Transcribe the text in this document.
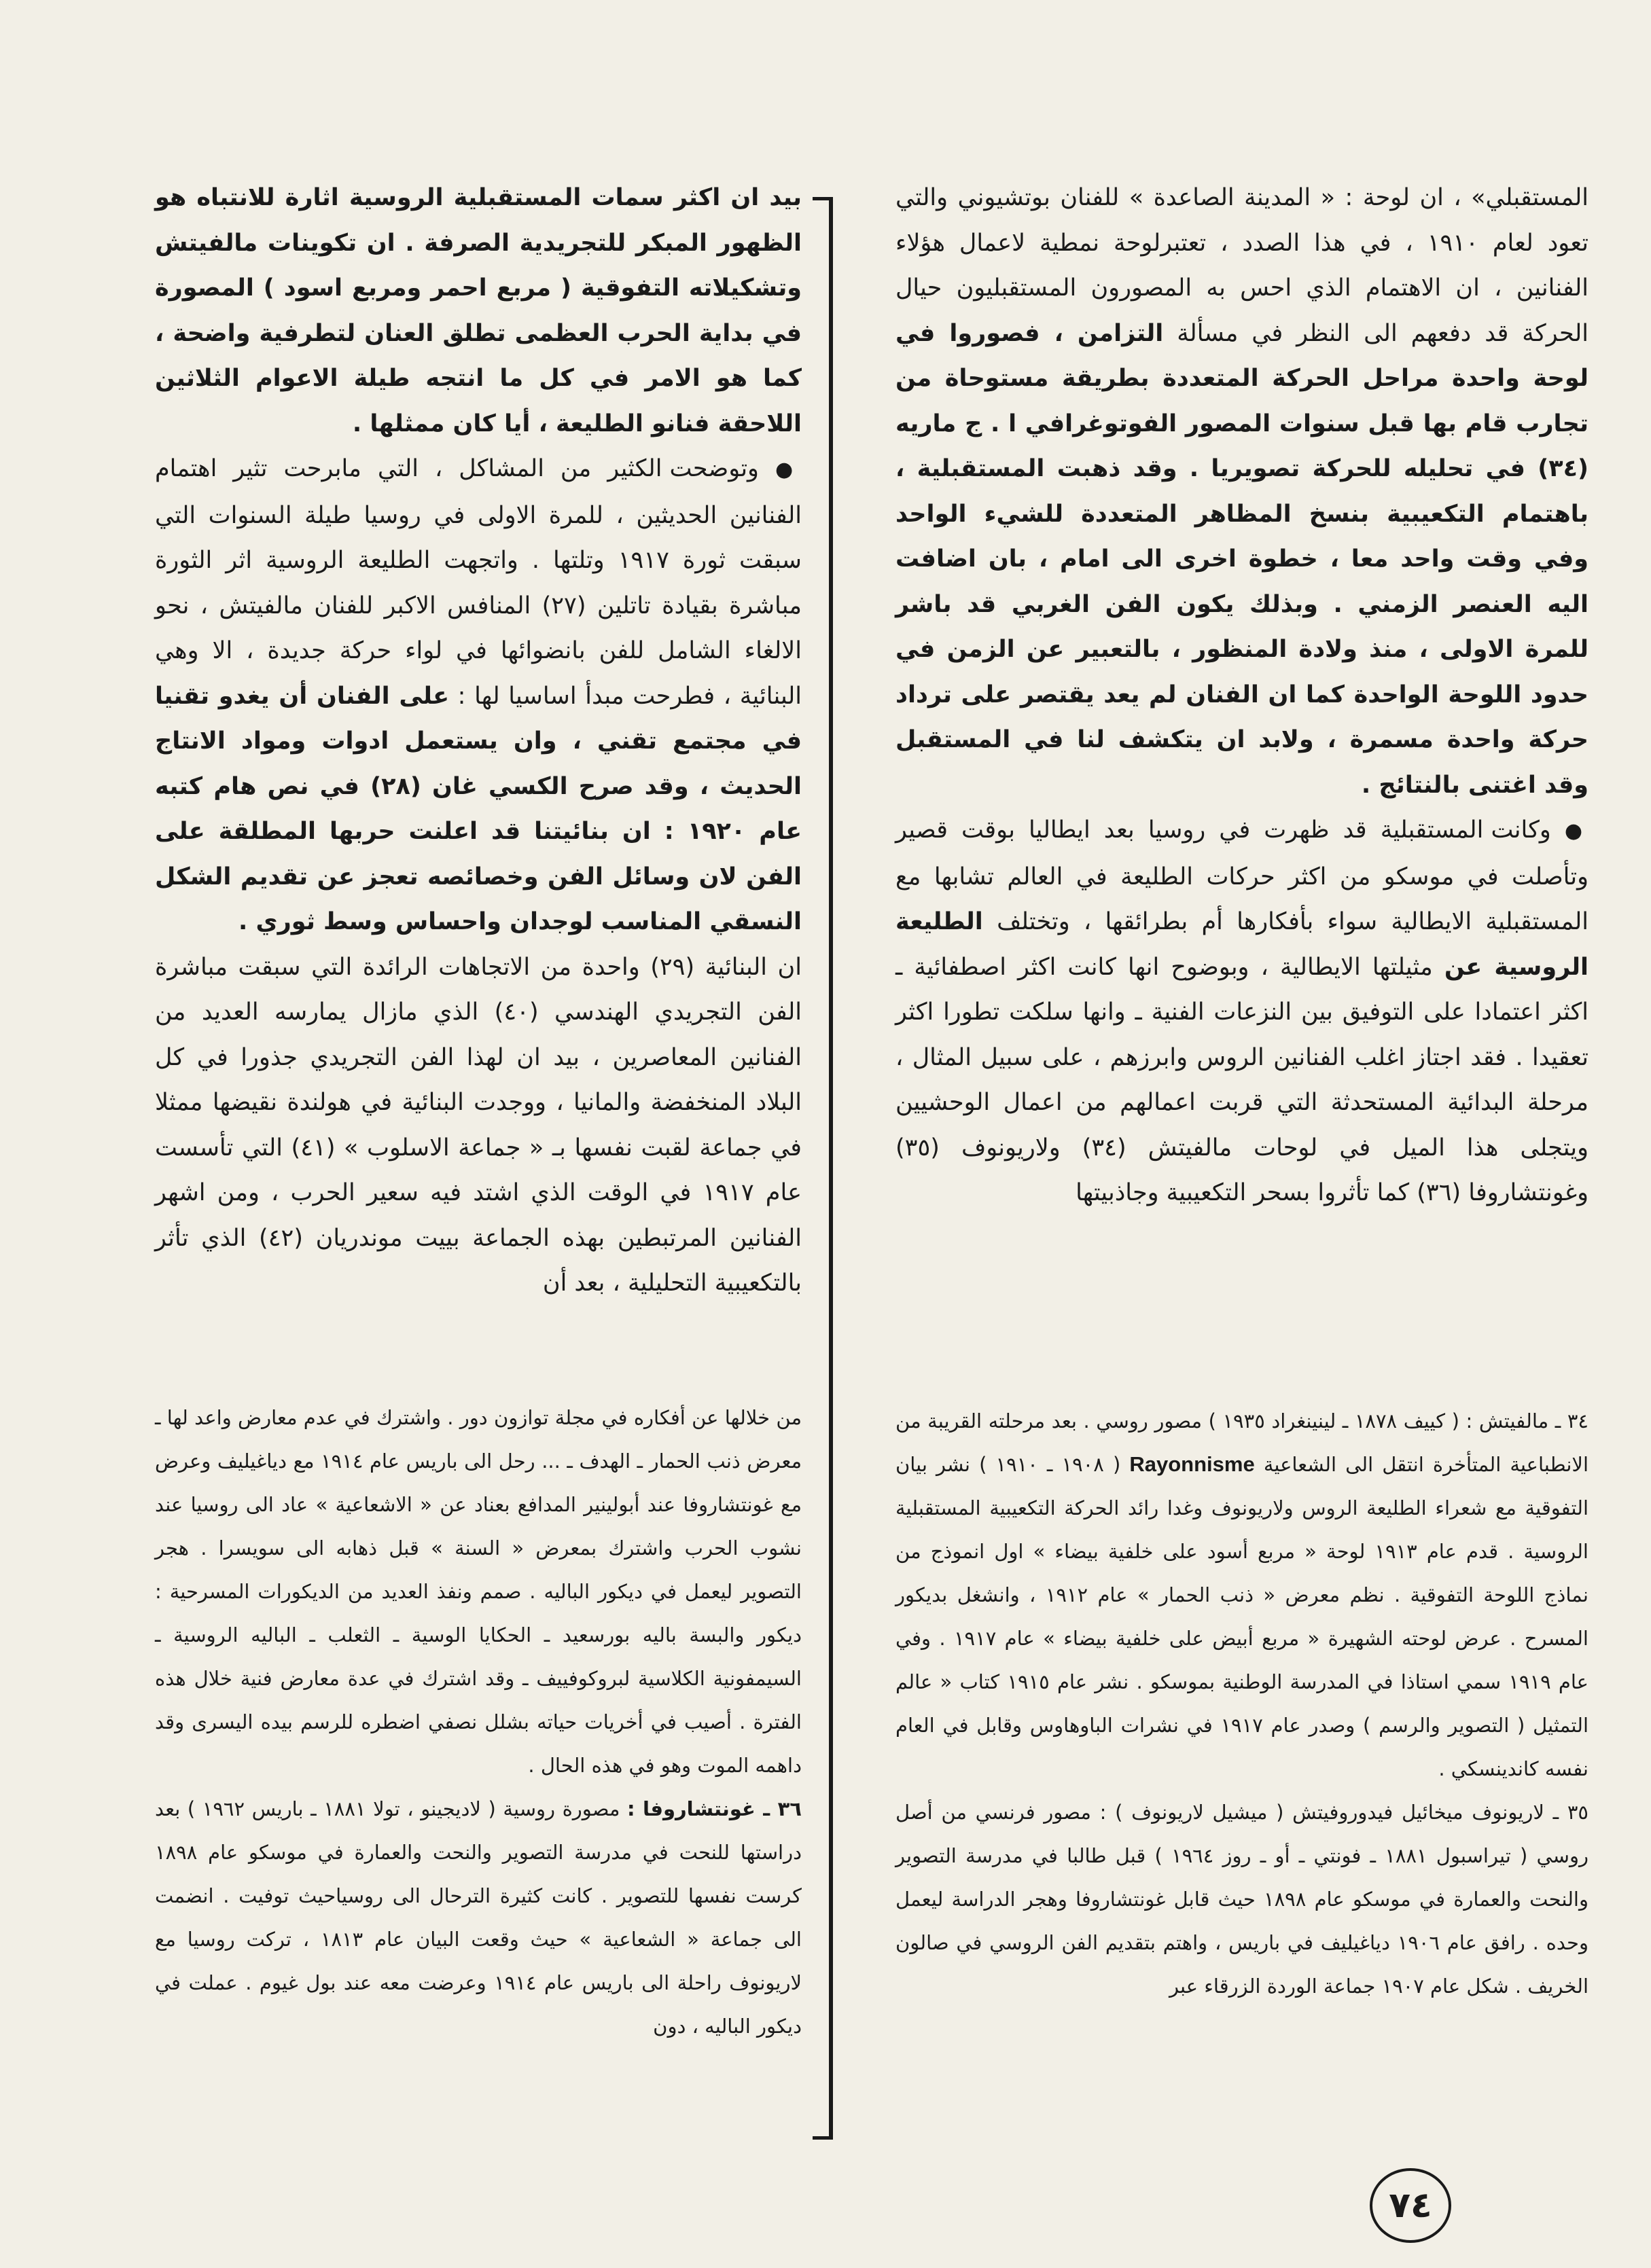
المستقبلي» ، ان لوحة : « المدينة الصاعدة » للفنان بوتشيوني والتي تعود لعام ١٩١٠ ، في هذا الصدد ، تعتبرلوحة نمطية لاعمال هؤلاء الفنانين ، ان الاهتمام الذي احس به المصورون المستقبليون حيال الحركة قد دفعهم الى النظر في مسألة التزامن ، فصوروا في لوحة واحدة مراحل الحركة المتعددة بطريقة مستوحاة من تجارب قام بها قبل سنوات المصور الفوتوغرافي ا . ج ماريه (٣٤) في تحليله للحركة تصويريا . وقد ذهبت المستقبلية ، باهتمام التكعيبية بنسخ المظاهر المتعددة للشيء الواحد وفي وقت واحد معا ، خطوة اخرى الى امام ، بان اضافت اليه العنصر الزمني . وبذلك يكون الفن الغربي قد باشر للمرة الاولى ، منذ ولادة المنظور ، بالتعبير عن الزمن في حدود اللوحة الواحدة كما ان الفنان لم يعد يقتصر على ترداد حركة واحدة مسمرة ، ولابد ان يتكشف لنا في المستقبل وقد اغتنى بالنتائج .

● وكانت المستقبلية قد ظهرت في روسيا بعد ايطاليا بوقت قصير وتأصلت في موسكو من اكثر حركات الطليعة في العالم تشابها مع المستقبلية الايطالية سواء بأفكارها أم بطرائقها ، وتختلف الطليعة الروسية عن مثيلتها الايطالية ، وبوضوح انها كانت اكثر اصطفائية ـ اكثر اعتمادا على التوفيق بين النزعات الفنية ـ وانها سلكت تطورا اكثر تعقيدا . فقد اجتاز اغلب الفنانين الروس وابرزهم ، على سبيل المثال ، مرحلة البدائية المستحدثة التي قربت اعمالهم من اعمال الوحشيين ويتجلى هذا الميل في لوحات مالفيتش (٣٤) ولاريونوف (٣٥) وغونتشاروفا (٣٦) كما تأثروا بسحر التكعيبية وجاذبيتها

بيد ان اكثر سمات المستقبلية الروسية اثارة للانتباه هو الظهور المبكر للتجريدية الصرفة . ان تكوينات مالفيتش وتشكيلاته التفوقية ( مربع احمر ومربع اسود ) المصورة في بداية الحرب العظمى تطلق العنان لتطرفية واضحة ، كما هو الامر في كل ما انتجه طيلة الاعوام الثلاثين اللاحقة فنانو الطليعة ، أيا كان ممثلها .

● وتوضحت الكثير من المشاكل ، التي مابرحت تثير اهتمام الفنانين الحديثين ، للمرة الاولى في روسيا طيلة السنوات التي سبقت ثورة ١٩١٧ وتلتها . واتجهت الطليعة الروسية اثر الثورة مباشرة بقيادة تاتلين (٢٧) المنافس الاكبر للفنان مالفيتش ، نحو الالغاء الشامل للفن بانضوائها في لواء حركة جديدة ، الا وهي البنائية ، فطرحت مبدأ اساسيا لها : على الفنان أن يغدو تقنيا في مجتمع تقني ، وان يستعمل ادوات ومواد الانتاج الحديث ، وقد صرح الكسي غان (٢٨) في نص هام كتبه عام ١٩٢٠ : ان بنائيتنا قد اعلنت حربها المطلقة على الفن لان وسائل الفن وخصائصه تعجز عن تقديم الشكل النسقي المناسب لوجدان واحساس وسط ثوري .

ان البنائية (٢٩) واحدة من الاتجاهات الرائدة التي سبقت مباشرة الفن التجريدي الهندسي (٤٠) الذي مازال يمارسه العديد من الفنانين المعاصرين ، بيد ان لهذا الفن التجريدي جذورا في كل البلاد المنخفضة والمانيا ، ووجدت البنائية في هولندة نقيضها ممثلا في جماعة لقبت نفسها بـ « جماعة الاسلوب » (٤١) التي تأسست عام ١٩١٧ في الوقت الذي اشتد فيه سعير الحرب ، ومن اشهر الفنانين المرتبطين بهذه الجماعة بييت موندريان (٤٢) الذي تأثر بالتكعيبية التحليلية ، بعد أن

٣٤ ـ مالفيتش : ( كييف ١٨٧٨ ـ لينينغراد ١٩٣٥ ) مصور روسي . بعد مرحلته القريبة من الانطباعية المتأخرة انتقل الى الشعاعية Rayonnisme ( ١٩٠٨ ـ ١٩١٠ ) نشر بيان التفوقية مع شعراء الطليعة الروس ولاريونوف وغدا رائد الحركة التكعيبية المستقبلية الروسية . قدم عام ١٩١٣ لوحة « مربع أسود على خلفية بيضاء » اول انموذج من نماذج اللوحة التفوقية . نظم معرض « ذنب الحمار » عام ١٩١٢ ، وانشغل بديكور المسرح . عرض لوحته الشهيرة « مربع أبيض على خلفية بيضاء » عام ١٩١٧ . وفي عام ١٩١٩ سمي استاذا في المدرسة الوطنية بموسكو . نشر عام ١٩١٥ كتاب « عالم التمثيل ( التصوير والرسم ) وصدر عام ١٩١٧ في نشرات الباوهاوس وقابل في العام نفسه كاندينسكي .

٣٥ ـ لاريونوف ميخائيل فيدوروفيتش ( ميشيل لاريونوف ) : مصور فرنسي من أصل روسي ( تيراسبول ١٨٨١ ـ فونتي ـ أو ـ روز ١٩٦٤ ) قبل طالبا في مدرسة التصوير والنحت والعمارة في موسكو عام ١٨٩٨ حيث قابل غونتشاروفا وهجر الدراسة ليعمل وحده . رافق عام ١٩٠٦ دياغيليف في باريس ، واهتم بتقديم الفن الروسي في صالون الخريف . شكل عام ١٩٠٧ جماعة الوردة الزرقاء عبر

من خلالها عن أفكاره في مجلة توازون دور . واشترك في عدم معارض واعد لها ـ معرض ذنب الحمار ـ الهدف ـ ... رحل الى باريس عام ١٩١٤ مع دياغيليف وعرض مع غونتشاروفا عند أبولينير المدافع بعناد عن « الاشعاعية » عاد الى روسيا عند نشوب الحرب واشترك بمعرض « السنة » قبل ذهابه الى سويسرا . هجر التصوير ليعمل في ديكور الباليه . صمم ونفذ العديد من الديكورات المسرحية : ديكور والبسة باليه بورسعيد ـ الحكايا الوسية ـ الثعلب ـ الباليه الروسية ـ السيمفونية الكلاسية لبروكوفييف ـ وقد اشترك في عدة معارض فنية خلال هذه الفترة . أصيب في أخريات حياته بشلل نصفي اضطره للرسم بيده اليسرى وقد داهمه الموت وهو في هذه الحال .

٣٦ ـ غونتشاروفا : مصورة روسية ( لاديجينو ، تولا ١٨٨١ ـ باريس ١٩٦٢ ) بعد دراستها للنحت في مدرسة التصوير والنحت والعمارة في موسكو عام ١٨٩٨ كرست نفسها للتصوير . كانت كثيرة الترحال الى روسياحيث توفيت . انضمت الى جماعة « الشعاعية » حيث وقعت البيان عام ١٨١٣ ، تركت روسيا مع لاريونوف راحلة الى باريس عام ١٩١٤ وعرضت معه عند بول غيوم . عملت في ديكور الباليه ، دون

٧٤
